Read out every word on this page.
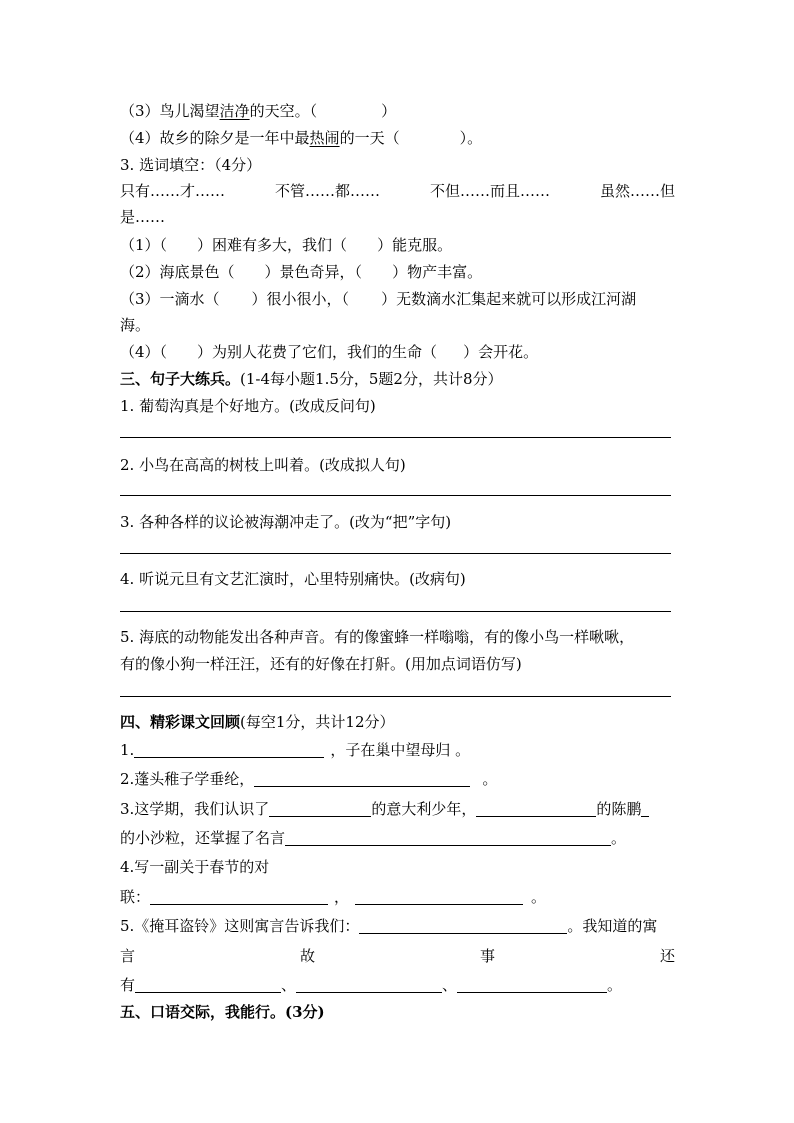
（3）鸟儿渴望洁净的天空。（	）
（4）故乡的除夕是一年中最热闹的一天（	）。
3. 选词填空：（4分）
只有……才……	不管……都……	不但……而且……	虽然……但
是……
（1）（ ）困难有多大，我们（ ）能克服。
（2）海底景色（ ）景色奇异，（ ）物产丰富。
（3）一滴水（ ）很小很小，（ ）无数滴水汇集起来就可以形成江河湖
海。
（4）（ ）为别人花费了它们，我们的生命（ ）会开花。
三、句子大练兵。(1-4每小题1.5分，5题2分，共计8分）
1. 葡萄沟真是个好地方。(改成反问句)
2. 小鸟在高高的树枝上叫着。(改成拟人句)
3. 各种各样的议论被海潮冲走了。(改为“把”字句)
4. 听说元旦有文艺汇演时，心里特别痛快。(改病句)
5. 海底的动物能发出各种声音。有的像蜜蜂一样嗡嗡，有的像小鸟一样啾啾，
有的像小狗一样汪汪，还有的好像在打鼾。(用加点词语仿写)
四、精彩课文回顾(每空1分，共计12分）
1.	，子在巢中望母归 。
2.蓬头稚子学垂纶，	。
3.这学期，我们认识了	的意大利少年，	的陈鹏
的小沙粒，还掌握了名言	。
4.写一副关于春节的对
联：	，	。
5.《掩耳盗铃》这则寓言告诉我们：	。我知道的寓
言	故	事	还
有	、	、	。
五、口语交际，我能行。(3分)
